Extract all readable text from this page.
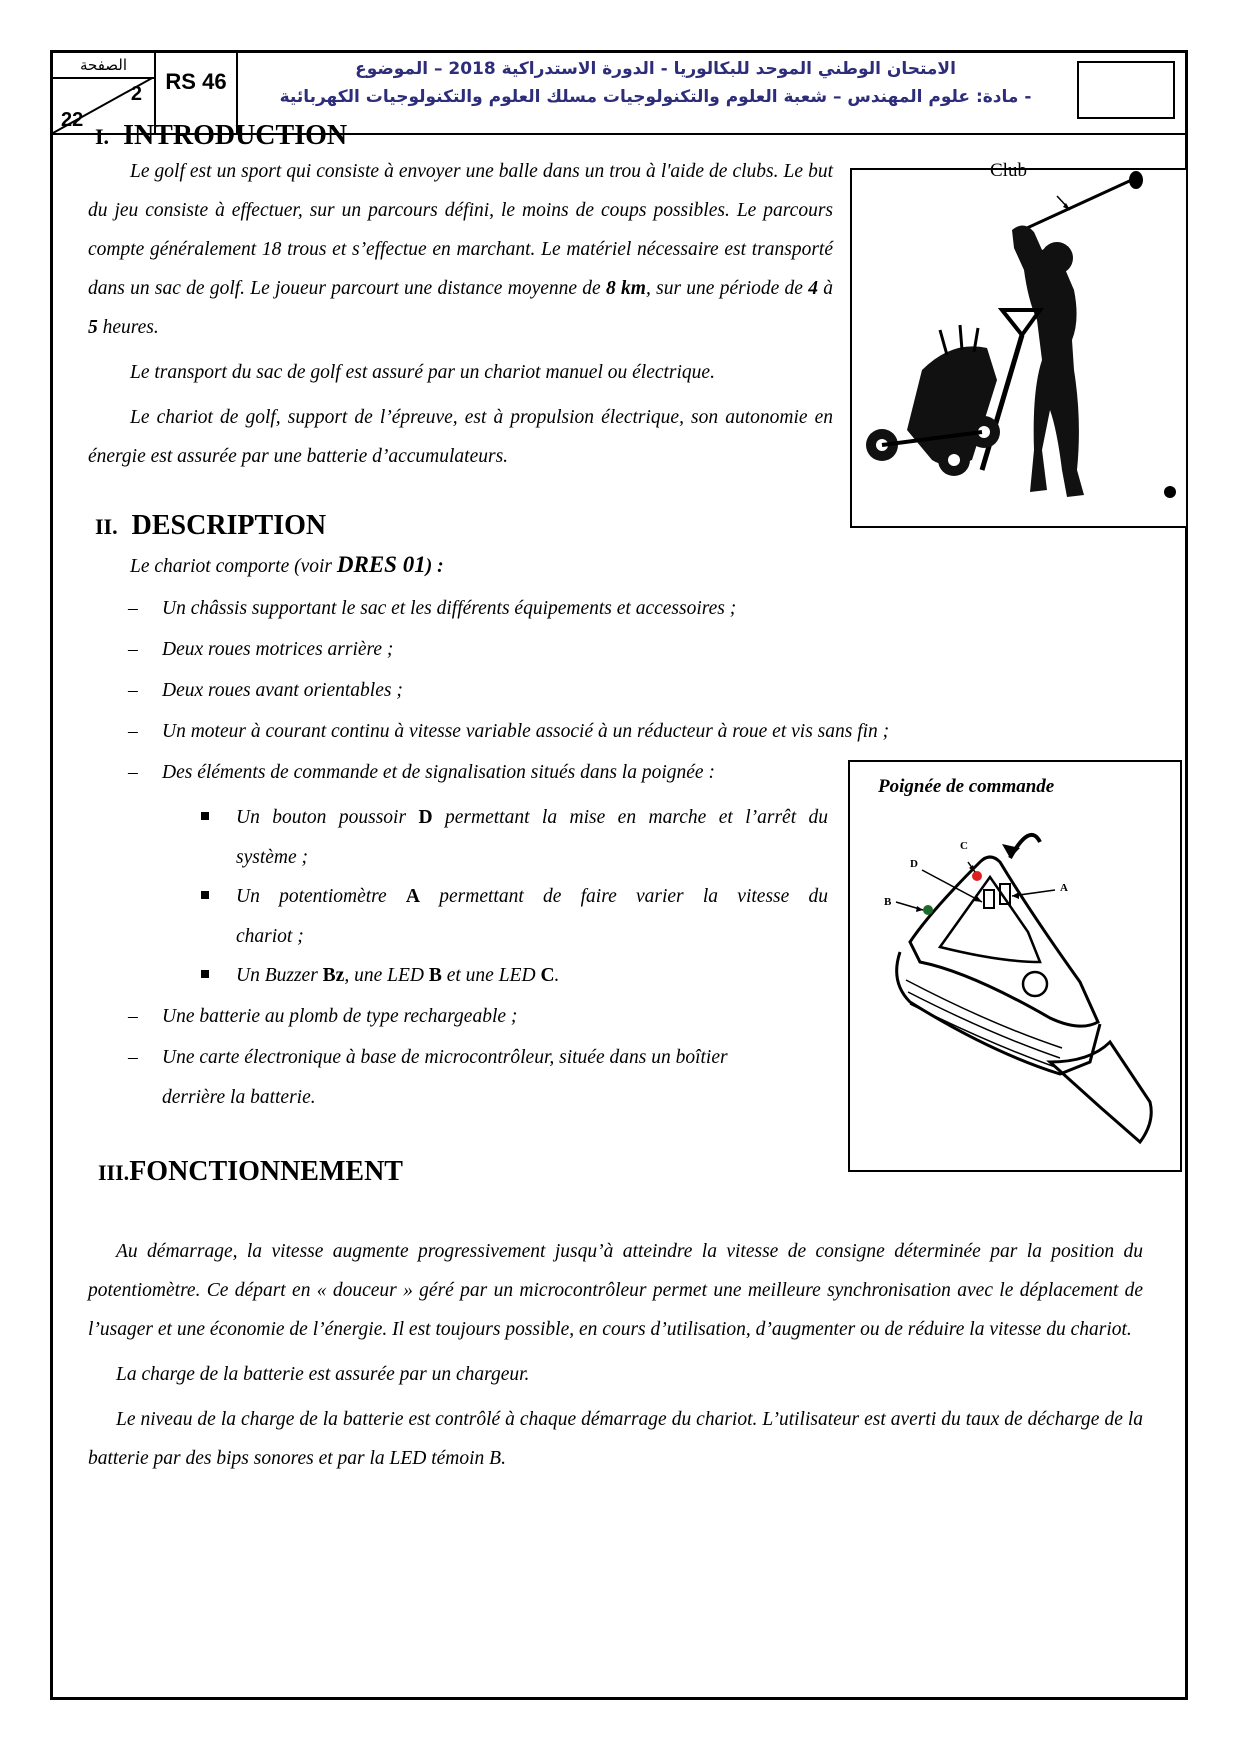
الصفحة
2
22
RS 46	الامتحان الوطني الموحد للبكالوريا - الدورة الاستدراكية 2018 – الموضوع
- مادة: علوم المهندس – شعبة العلوم والتكنولوجيات مسلك العلوم والتكنولوجيات الكهربائية
I. INTRODUCTION

Le golf est un sport qui consiste à envoyer une balle dans un trou à l'aide de clubs. Le but du jeu consiste à effectuer, sur un parcours défini, le moins de coups possibles. Le parcours compte généralement 18 trous et s’effectue en marchant. Le matériel nécessaire est transporté dans un sac de golf. Le joueur parcourt une distance moyenne de 8 km, sur une période de 4 à 5 heures.

Le transport du sac de golf est assuré par un chariot manuel ou électrique.

Le chariot de golf, support de l’épreuve, est à propulsion électrique, son autonomie en énergie est assurée par une batterie d’accumulateurs.

Club
II. DESCRIPTION
Le chariot comporte (voir DRES 01) :
– Un châssis supportant le sac et les différents équipements et accessoires ;
– Deux roues motrices arrière ;
– Deux roues avant orientables ;
– Un moteur à courant continu à vitesse variable associé à un réducteur à roue et vis sans fin ;
– Des éléments de commande et de signalisation situés dans la poignée :
Un bouton poussoir D permettant la mise en marche et l’arrêt du
système ;
Un potentiomètre A permettant de faire varier la vitesse du
chariot ;
Un Buzzer Bz, une LED B et une LED C.
– Une batterie au plomb de type rechargeable ;
– Une carte électronique à base de microcontrôleur, située dans un boîtier
derrière la batterie.
Poignée de commande
C
D
A
B
III.FONCTIONNEMENT

Au démarrage, la vitesse augmente progressivement jusqu’à atteindre la vitesse de consigne déterminée par la position du potentiomètre. Ce départ en « douceur » géré par un microcontrôleur permet une meilleure synchronisation avec le déplacement de l’usager et une économie de l’énergie. Il est toujours possible, en cours d’utilisation, d’augmenter ou de réduire la vitesse du chariot.

La charge de la batterie est assurée par un chargeur.

Le niveau de la charge de la batterie est contrôlé à chaque démarrage du chariot. L’utilisateur est averti du taux de décharge de la batterie par des bips sonores et par la LED témoin B.
